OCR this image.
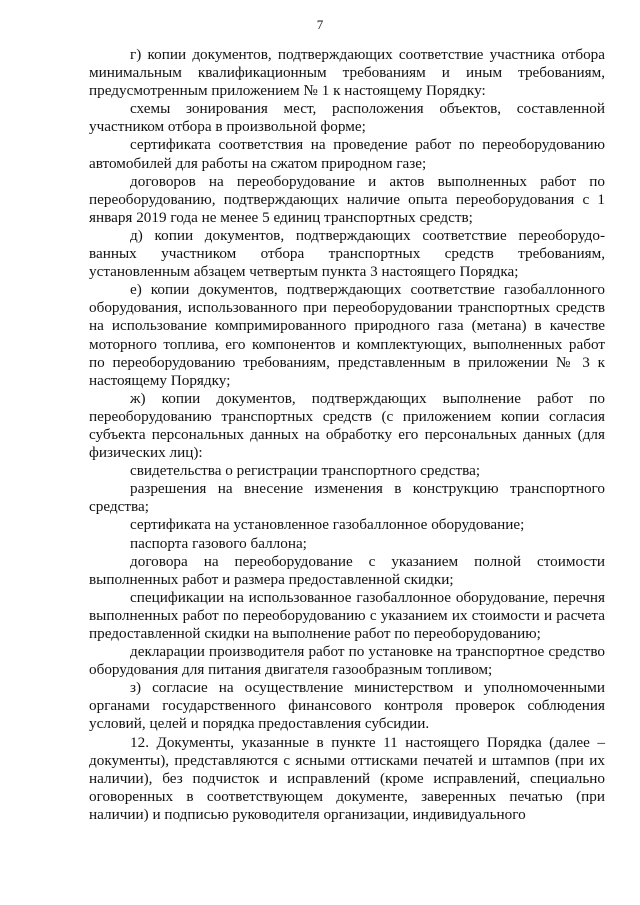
7

г) копии документов, подтверждающих соответствие участника отбора минимальным квалификационным требованиям и иным требованиям, предусмотренным приложением № 1 к настоящему Порядку:

схемы зонирования мест, расположения объектов, составленной участником отбора в произвольной форме;

сертификата соответствия на проведение работ по переоборудованию автомобилей для работы на сжатом природном газе;

договоров на переоборудование и актов выполненных работ по переоборудованию, подтверждающих наличие опыта переоборудования с 1 января 2019 года не менее 5 единиц транспортных средств;

д) копии документов, подтверждающих соответствие переоборудованных участником отбора транспортных средств требованиям, установленным абзацем четвертым пункта 3 настоящего Порядка;

е) копии документов, подтверждающих соответствие газобаллонного оборудования, использованного при переоборудовании транспортных средств на использование компримированного природного газа (метана) в качестве моторного топлива, его компонентов и комплектующих, выполненных работ по переоборудованию требованиям, представленным в приложении № 3 к настоящему Порядку;

ж) копии документов, подтверждающих выполнение работ по переоборудованию транспортных средств (с приложением копии согласия субъекта персональных данных на обработку его персональных данных (для физических лиц):

свидетельства о регистрации транспортного средства;

разрешения на внесение изменения в конструкцию транспортного средства;

сертификата на установленное газобаллонное оборудование;

паспорта газового баллона;

договора на переоборудование с указанием полной стоимости выполненных работ и размера предоставленной скидки;

спецификации на использованное газобаллонное оборудование, перечня выполненных работ по переоборудованию с указанием их стоимости и расчета предоставленной скидки на выполнение работ по переоборудованию;

декларации производителя работ по установке на транспортное средство оборудования для питания двигателя газообразным топливом;

з) согласие на осуществление министерством и уполномоченными органами государственного финансового контроля проверок соблюдения условий, целей и порядка предоставления субсидии.

12. Документы, указанные в пункте 11 настоящего Порядка (далее – документы), представляются с ясными оттисками печатей и штампов (при их наличии), без подчисток и исправлений (кроме исправлений, специально оговоренных в соответствующем документе, заверенных печатью (при наличии) и подписью руководителя организации, индивидуального
